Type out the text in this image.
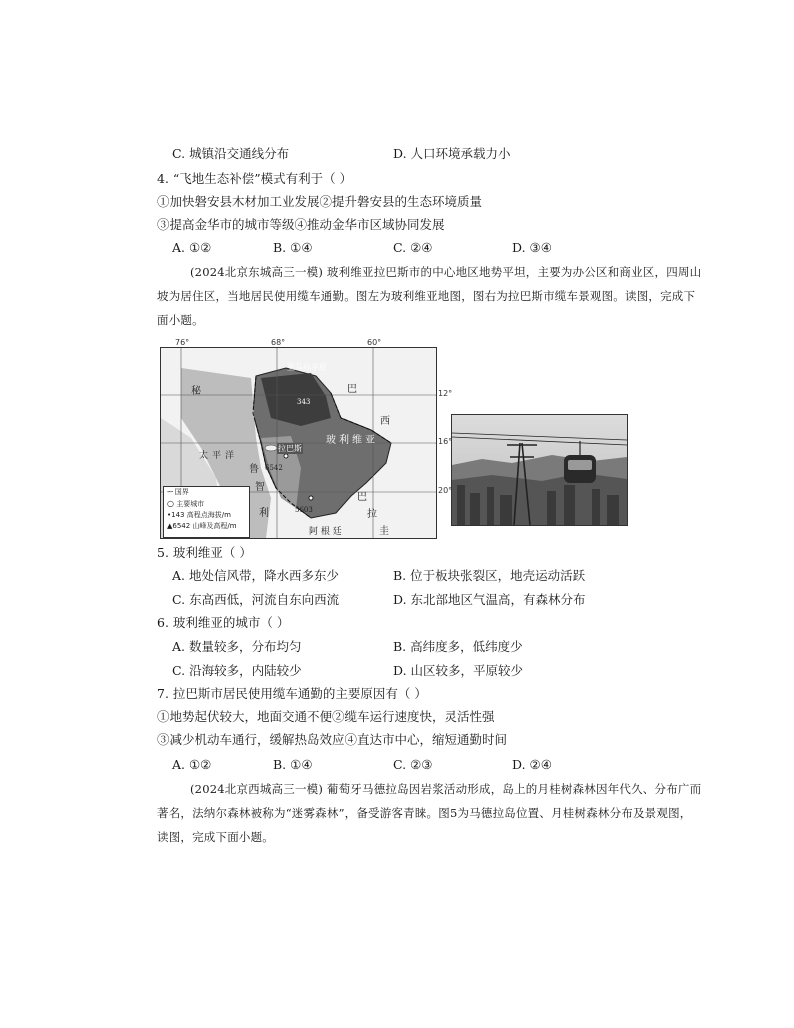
C. 城镇沿交通线分布	D. 人口环境承载力小
4. “飞地生态补偿”模式有利于（ ）
①加快磐安县木材加工业发展②提升磐安县的生态环境质量
③提高金华市的城市等级④推动金华市区域协同发展
A. ①②	B. ①④	C. ②④	D. ③④
(2024北京东城高三一模) 玻利维亚拉巴斯市的中心地区地势平坦，主要为办公区和商业区，四周山
坡为居住区，当地居民使用缆车通勤。图左为玻利维亚地图，图右为拉巴斯市缆车景观图。读图，完成下
面小题。
76°	68°	60°
12°
16°
20°
秘
鲁
亚马孙平原
巴
西
玻利维亚
拉巴斯
智
利
巴
拉
圭
阿 根 廷
太平洋
343
6542
5603
-·-· 国界
○ 主要城市
•143 高程点海拔/m
▲6542 山峰及高程/m
5. 玻利维亚（ ）
A. 地处信风带，降水西多东少	B. 位于板块张裂区，地壳运动活跃
C. 东高西低，河流自东向西流	D. 东北部地区气温高，有森林分布
6. 玻利维亚的城市（ ）
A. 数量较多，分布均匀	B. 高纬度多，低纬度少
C. 沿海较多，内陆较少	D. 山区较多，平原较少
7. 拉巴斯市居民使用缆车通勤的主要原因有（ ）
①地势起伏较大，地面交通不便②缆车运行速度快，灵活性强
③减少机动车通行，缓解热岛效应④直达市中心，缩短通勤时间
A. ①②	B. ①④	C. ②③	D. ②④
(2024北京西城高三一模) 葡萄牙马德拉岛因岩浆活动形成，岛上的月桂树森林因年代久、分布广而
著名，法纳尔森林被称为“迷雾森林”，备受游客青睐。图5为马德拉岛位置、月桂树森林分布及景观图，
读图，完成下面小题。
